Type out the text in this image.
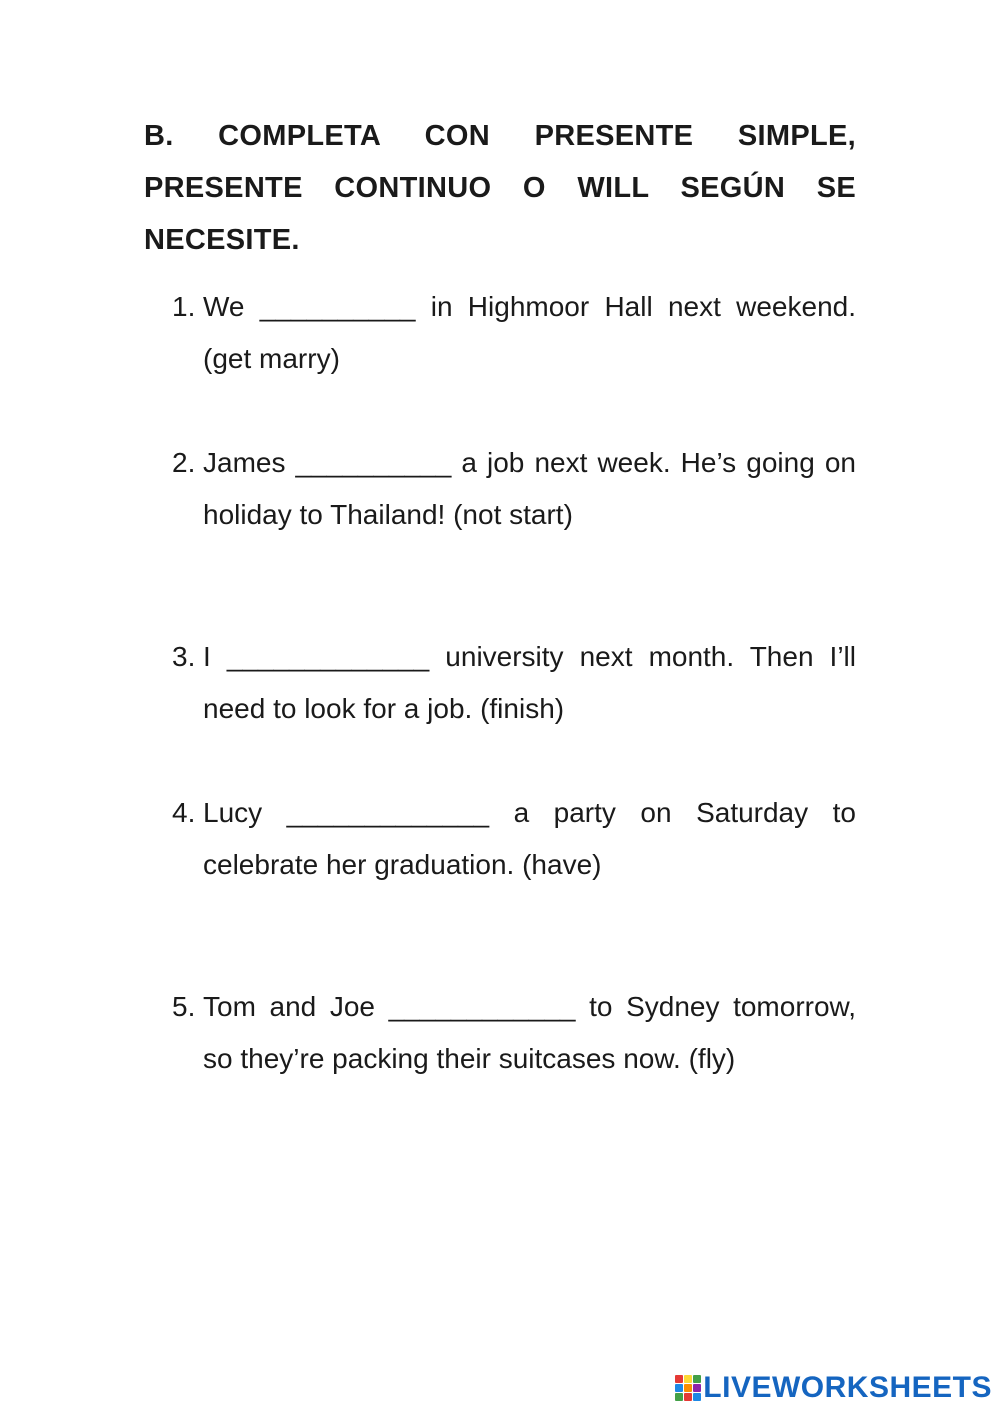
B. COMPLETA CON PRESENTE SIMPLE, PRESENTE CONTINUO O WILL SEGÚN SE NECESITE.
1. We __________ in Highmoor Hall next weekend. (get marry)
2. James __________ a job next week. He’s going on holiday to Thailand! (not start)
3. I _____________ university next month. Then I’ll need to look for a job. (finish)
4. Lucy _____________ a party on Saturday to celebrate her graduation. (have)
5. Tom and Joe ____________ to Sydney tomorrow, so they’re packing their suitcases now. (fly)
LIVEWORKSHEETS
